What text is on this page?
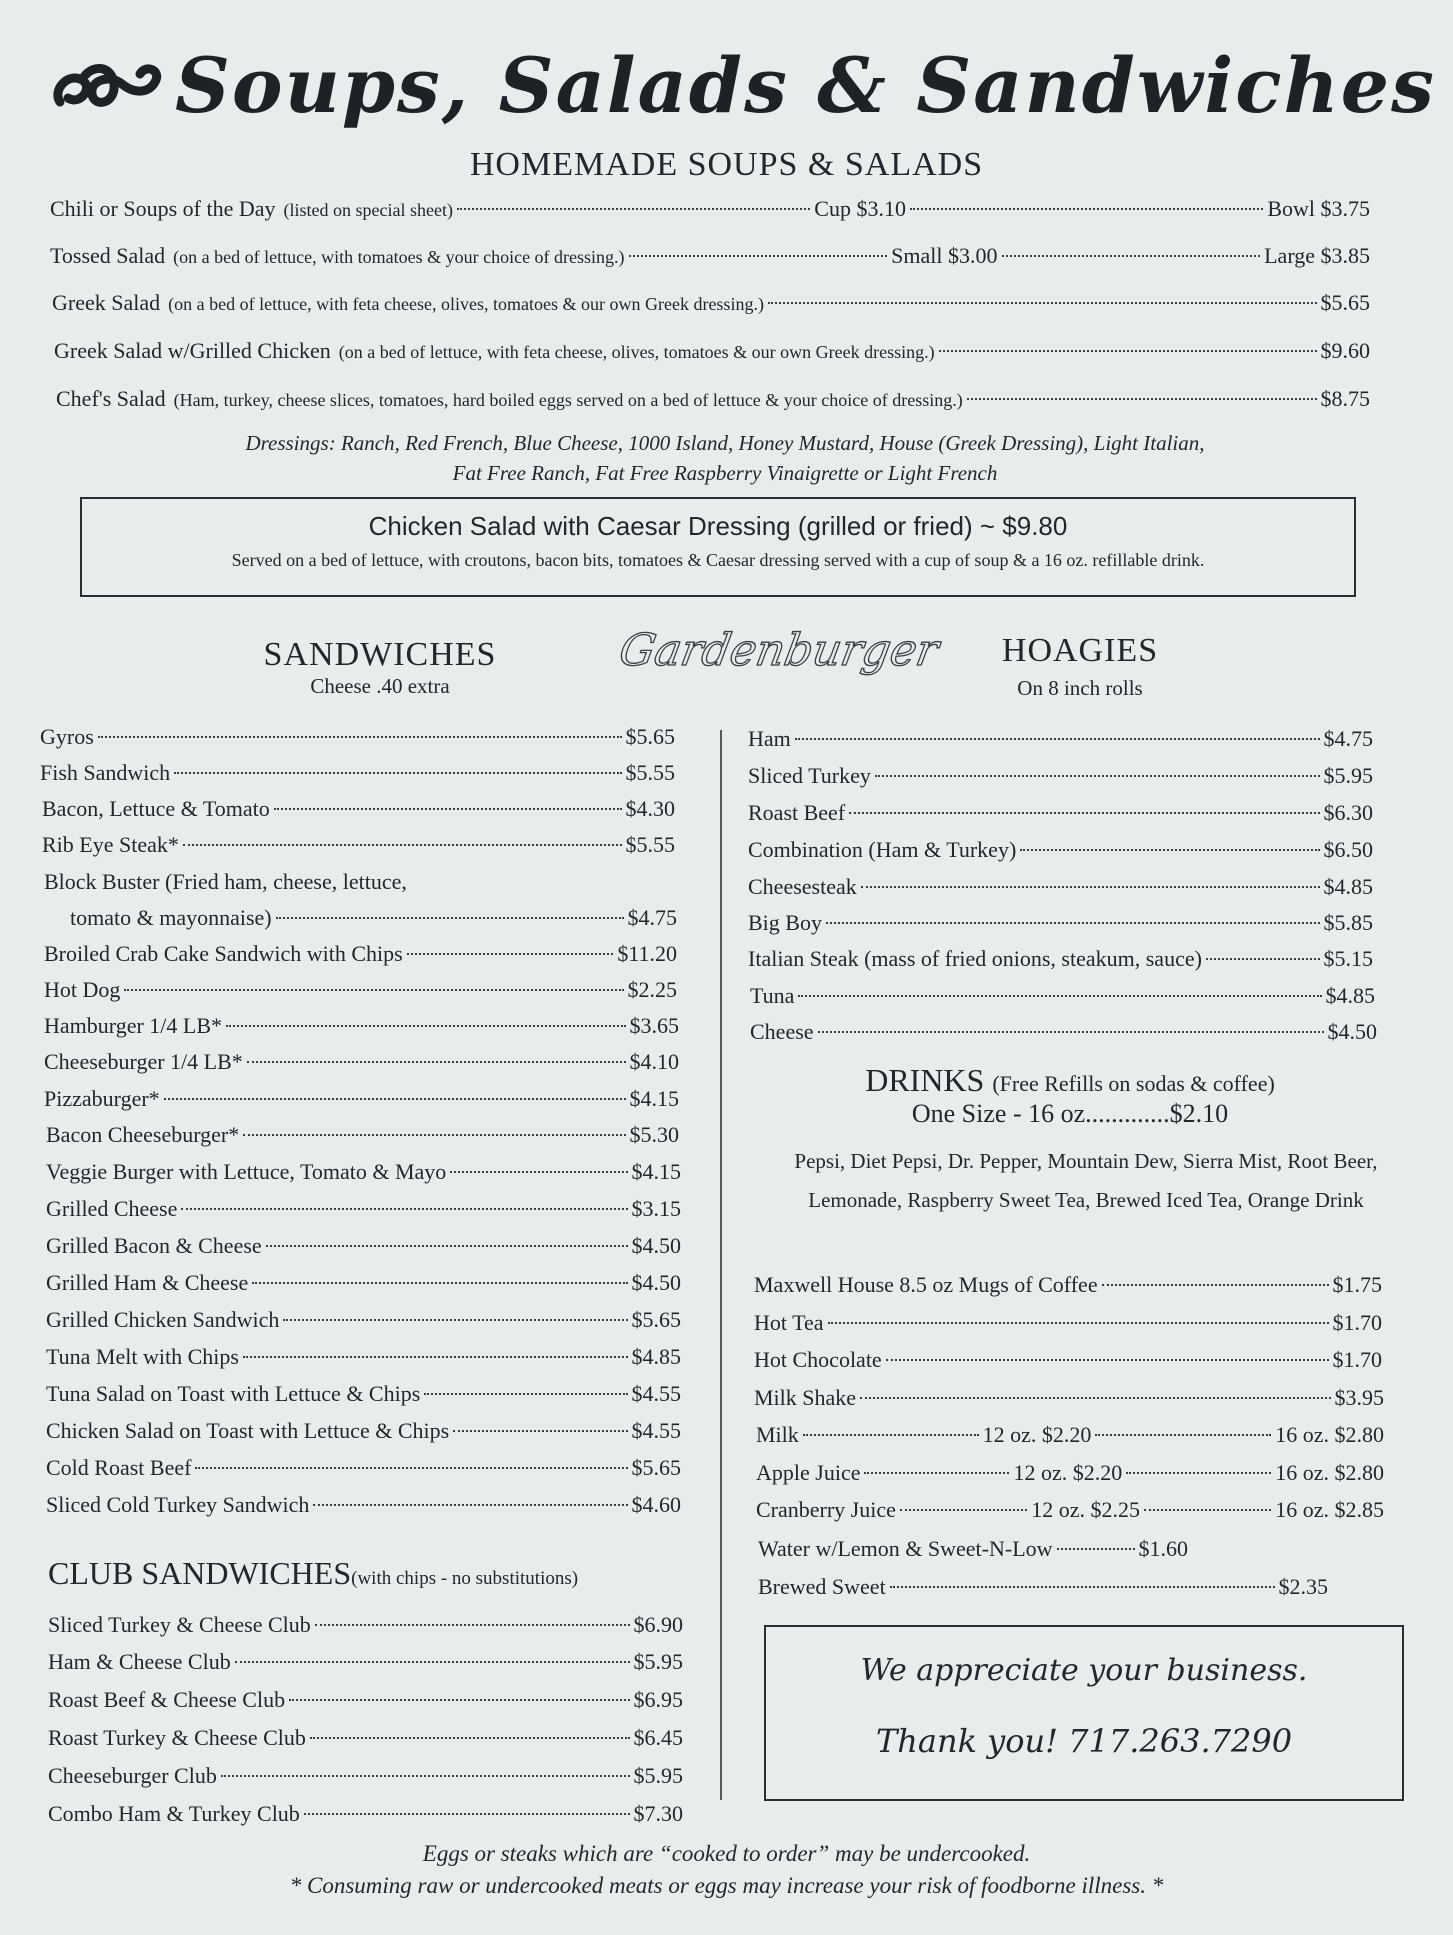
Soups, Salads & Sandwiches
HOMEMADE SOUPS & SALADS
Chili or Soups of the Day (listed on special sheet)	Cup $3.10	Bowl $3.75
Tossed Salad (on a bed of lettuce, with tomatoes & your choice of dressing.)	Small $3.00	Large $3.85
Greek Salad (on a bed of lettuce, with feta cheese, olives, tomatoes & our own Greek dressing.)	$5.65
Greek Salad w/Grilled Chicken (on a bed of lettuce, with feta cheese, olives, tomatoes & our own Greek dressing.)	$9.60
Chef's Salad (Ham, turkey, cheese slices, tomatoes, hard boiled eggs served on a bed of lettuce & your choice of dressing.)	$8.75
Dressings: Ranch, Red French, Blue Cheese, 1000 Island, Honey Mustard, House (Greek Dressing), Light Italian,
Fat Free Ranch, Fat Free Raspberry Vinaigrette or Light French
Chicken Salad with Caesar Dressing (grilled or fried) ~ $9.80
Served on a bed of lettuce, with croutons, bacon bits, tomatoes & Caesar dressing served with a cup of soup & a 16 oz. refillable drink.
SANDWICHES
Cheese .40 extra
Gardenburger	HOAGIES
On 8 inch rolls
Gyros	$5.65
Fish Sandwich	$5.55
Bacon, Lettuce & Tomato	$4.30
Rib Eye Steak*	$5.55
Block Buster (Fried ham, cheese, lettuce,
tomato & mayonnaise)	$4.75
Broiled Crab Cake Sandwich with Chips	$11.20
Hot Dog	$2.25
Hamburger 1/4 LB*	$3.65
Cheeseburger 1/4 LB*	$4.10
Pizzaburger*	$4.15
Bacon Cheeseburger*	$5.30
Veggie Burger with Lettuce, Tomato & Mayo	$4.15
Grilled Cheese	$3.15
Grilled Bacon & Cheese	$4.50
Grilled Ham & Cheese	$4.50
Grilled Chicken Sandwich	$5.65
Tuna Melt with Chips	$4.85
Tuna Salad on Toast with Lettuce & Chips	$4.55
Chicken Salad on Toast with Lettuce & Chips	$4.55
Cold Roast Beef	$5.65
Sliced Cold Turkey Sandwich	$4.60
CLUB SANDWICHES(with chips - no substitutions)
Sliced Turkey & Cheese Club	$6.90
Ham & Cheese Club	$5.95
Roast Beef & Cheese Club	$6.95
Roast Turkey & Cheese Club	$6.45
Cheeseburger Club	$5.95
Combo Ham & Turkey Club	$7.30
Ham	$4.75
Sliced Turkey	$5.95
Roast Beef	$6.30
Combination (Ham & Turkey)	$6.50
Cheesesteak	$4.85
Big Boy	$5.85
Italian Steak (mass of fried onions, steakum, sauce)	$5.15
Tuna	$4.85
Cheese	$4.50
DRINKS (Free Refills on sodas & coffee)
One Size - 16 oz.............$2.10
Pepsi, Diet Pepsi, Dr. Pepper, Mountain Dew, Sierra Mist, Root Beer, Lemonade, Raspberry Sweet Tea, Brewed Iced Tea, Orange Drink
Maxwell House 8.5 oz Mugs of Coffee	$1.75
Hot Tea	$1.70
Hot Chocolate	$1.70
Milk Shake	$3.95
Milk	12 oz. $2.20	16 oz. $2.80
Apple Juice	12 oz. $2.20	16 oz. $2.80
Cranberry Juice	12 oz. $2.25	16 oz. $2.85
Water w/Lemon & Sweet-N-Low	$1.60
Brewed Sweet	$2.35
We appreciate your business.
Thank you! 717.263.7290
Eggs or steaks which are “cooked to order” may be undercooked.
* Consuming raw or undercooked meats or eggs may increase your risk of foodborne illness. *
